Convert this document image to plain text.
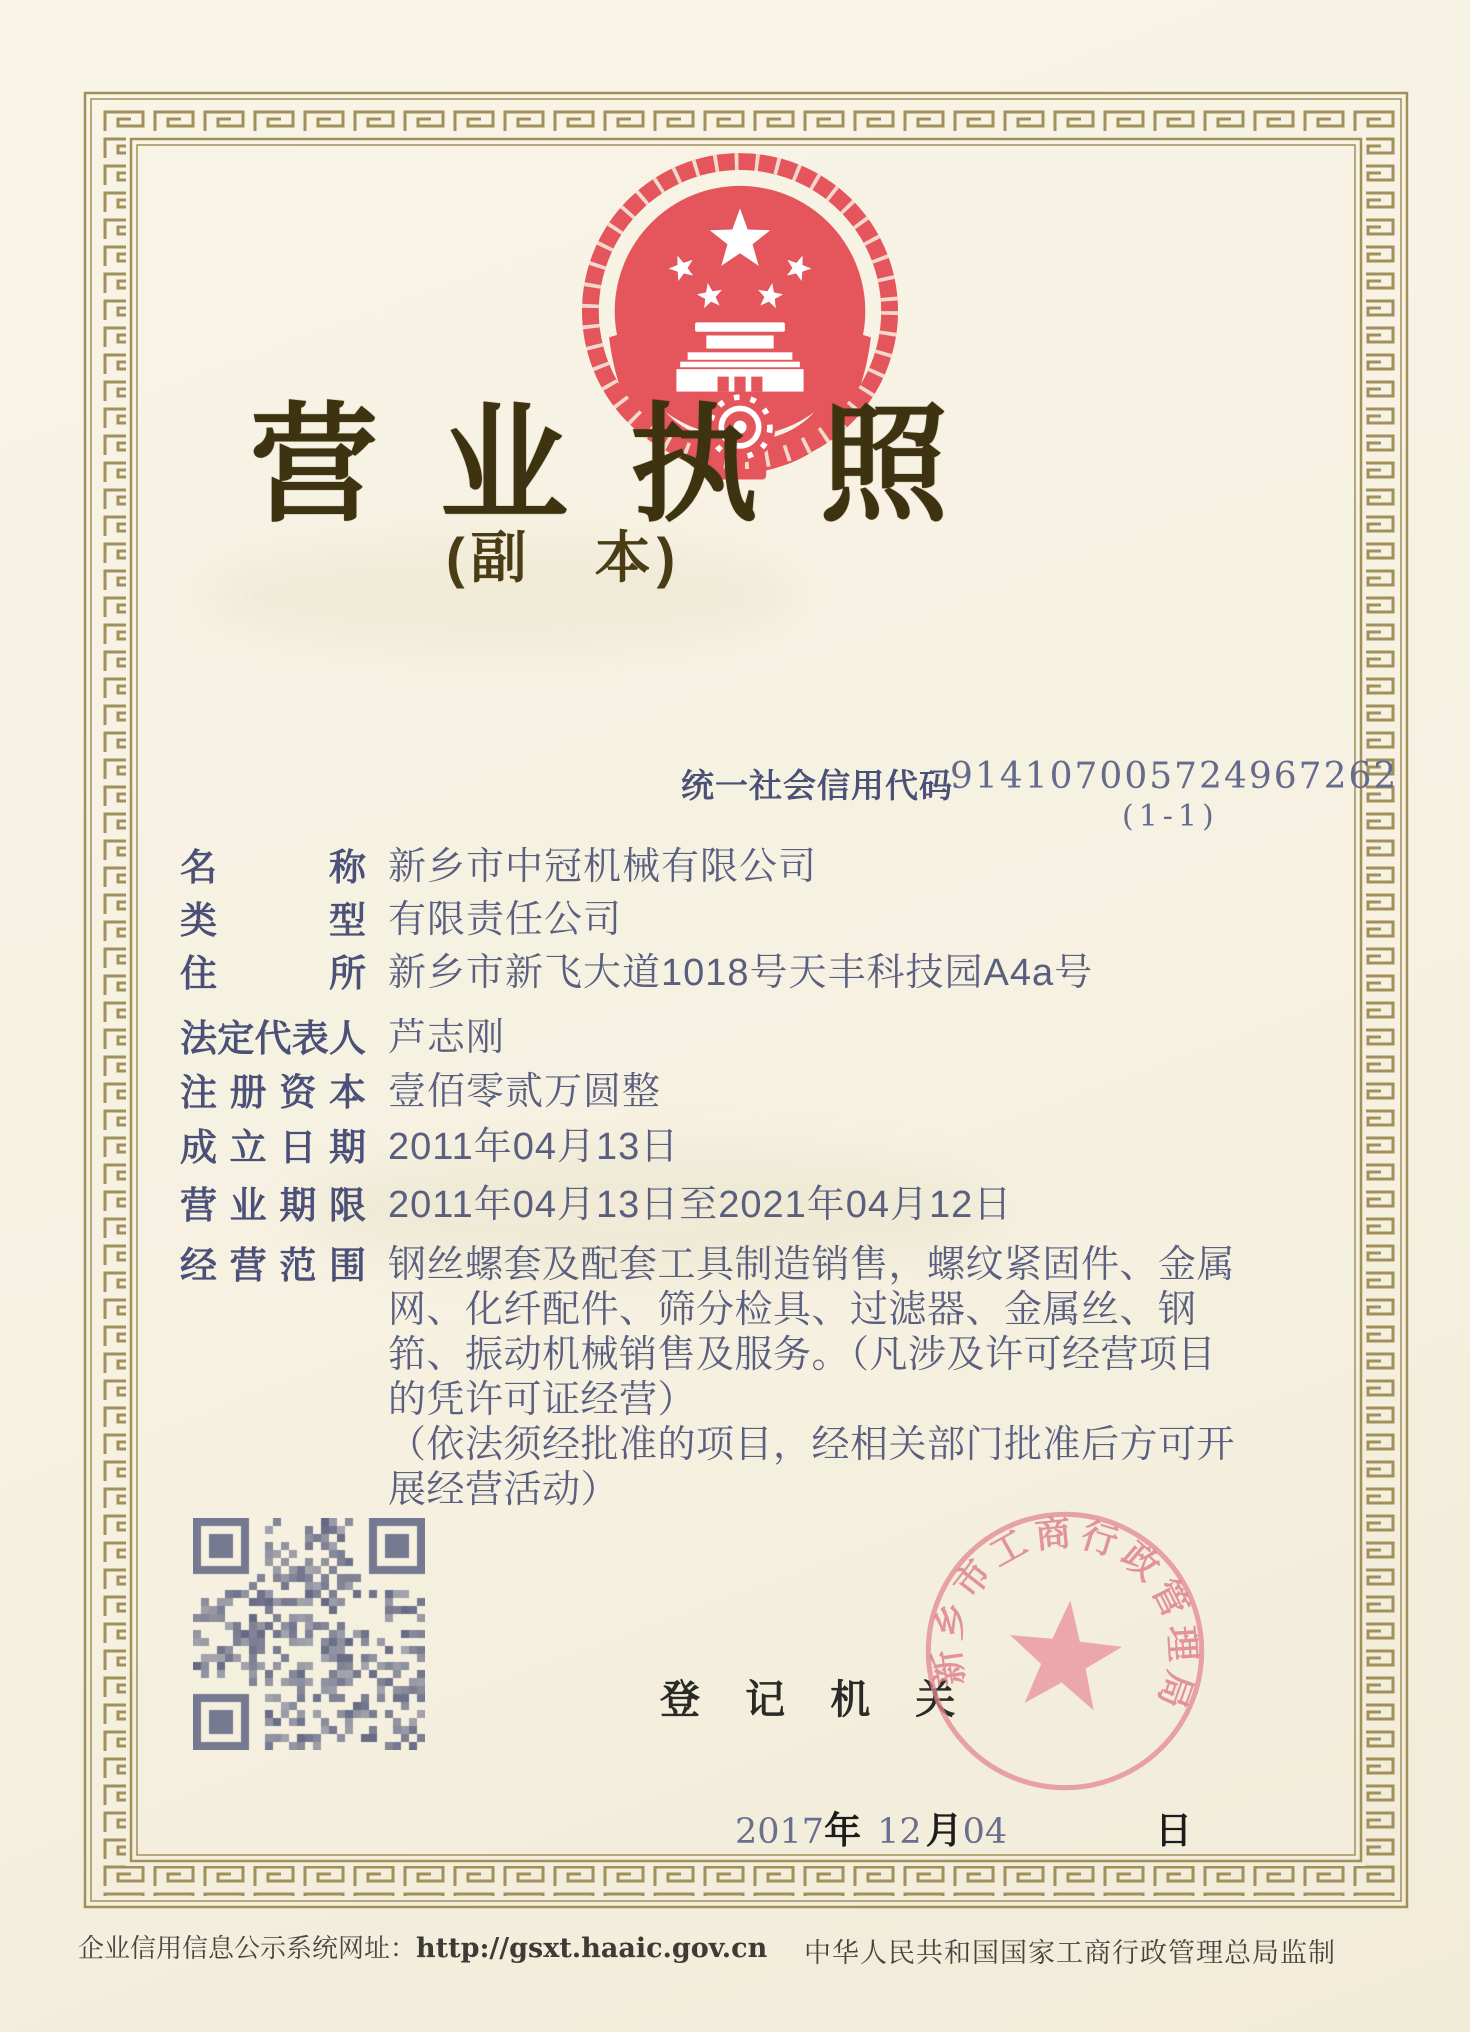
营业执照
(副　本)
统一社会信用代码
914107005724967262
(1-1)
名称 新乡市中冠机械有限公司
类型 有限责任公司
住所 新乡市新飞大道1018号天丰科技园A4a号
法定代表人 芦志刚
注册资本 壹佰零贰万圆整
成立日期 2011年04月13日
营业期限 2011年04月13日至2021年04月12日
经营范围 钢丝螺套及配套工具制造销售，螺纹紧固件、金属
网、化纤配件、筛分检具、过滤器、金属丝、钢
筘、振动机械销售及服务。（凡涉及许可经营项目
的凭许可证经营）
（依法须经批准的项目，经相关部门批准后方可开
展经营活动）
登 记 机 关
新乡市工商行政管理局
2017年 12 月04	日
企业信用信息公示系统网址：http://gsxt.haaic.gov.cn 中华人民共和国国家工商行政管理总局监制
